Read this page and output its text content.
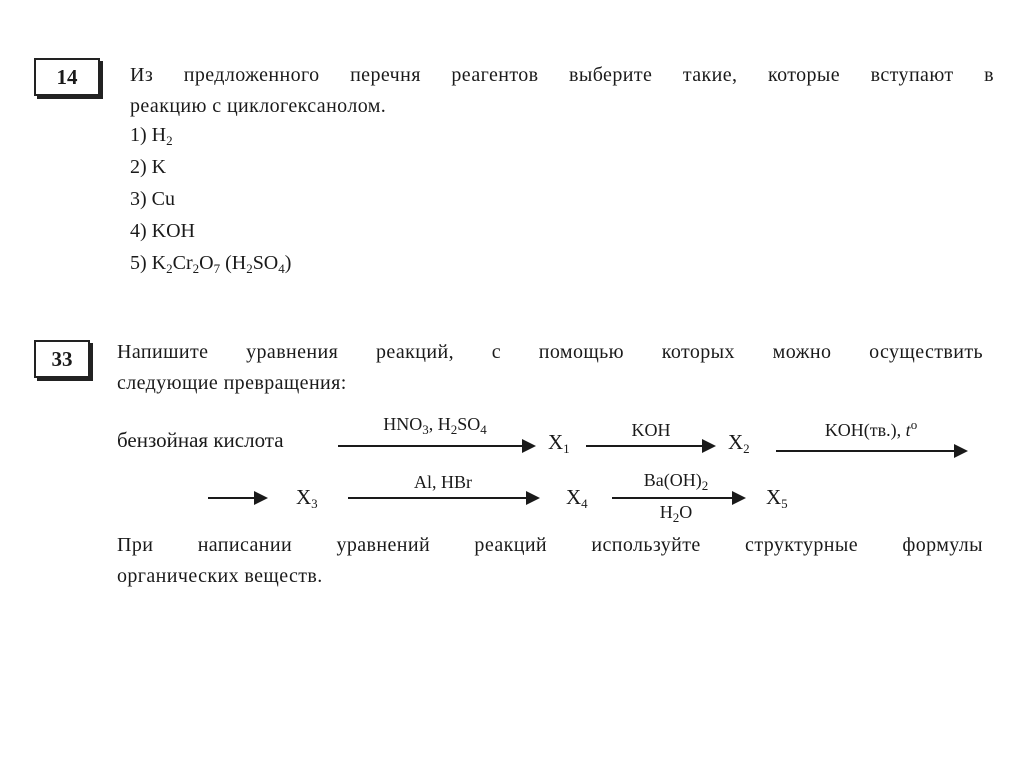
14	Из предложенного перечня реагентов выберите такие, которые вступают в
реакцию с циклогексанолом.
1) $H_2$
2) K
3) Cu
4) KOH
5) $K_2Cr_2O_7$ $(H_2SO_4)$
33	Напишите уравнения реакций, с помощью которых можно осуществить
следующие превращения:
бензойная кислота
$HNO_3$, $H_2SO_4$
$X_1$
KOH	$X_2$
KOH(тв.), $t^o$
$X_3$
Al, HBr
$X_4$
$Ba(OH)_2$
$H_2O$
$X_5$
При написании уравнений реакций используйте структурные формулы
органических веществ.
